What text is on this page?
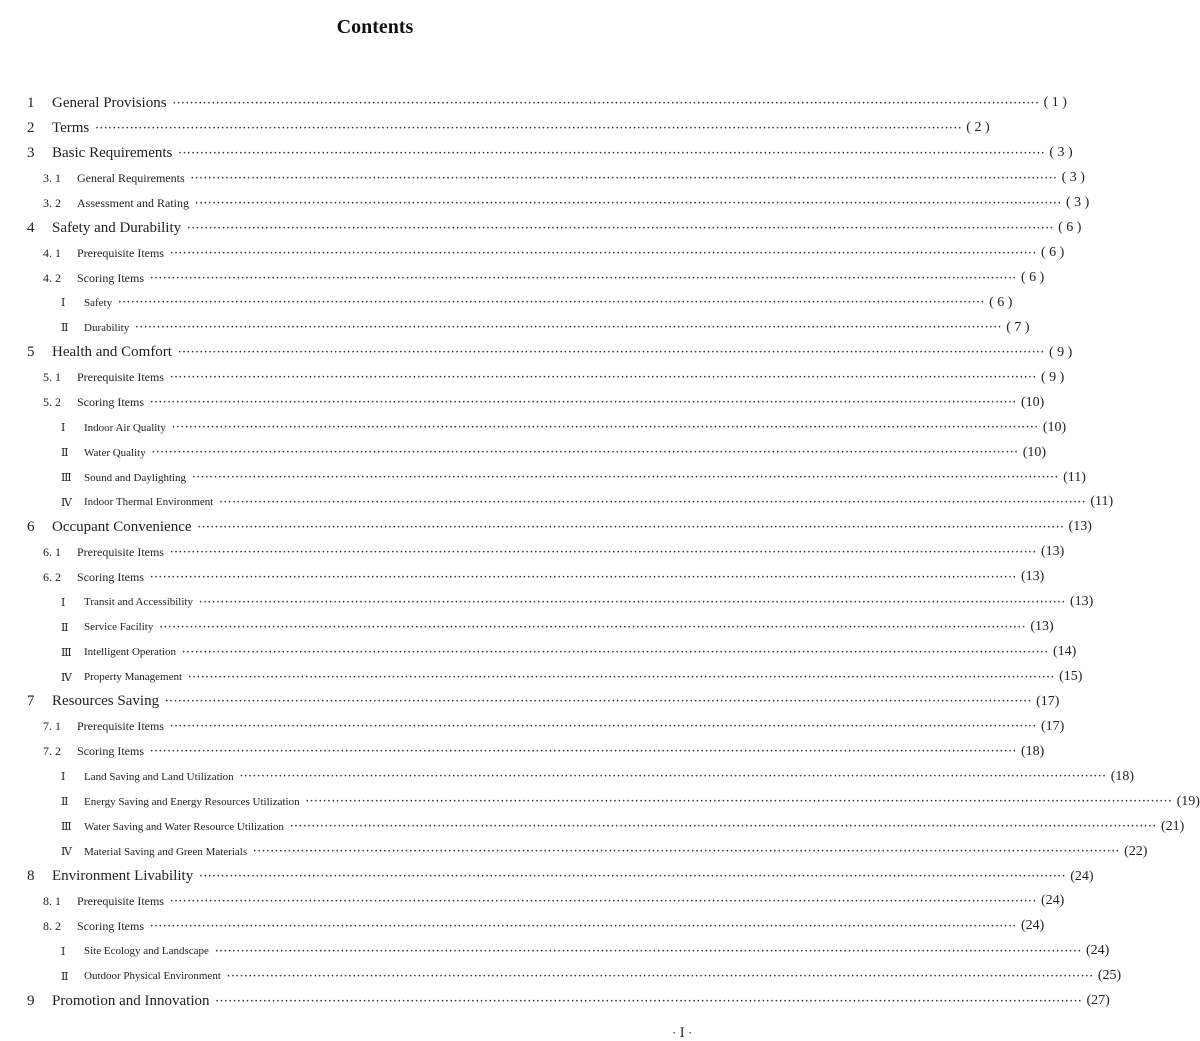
Contents
1 General Provisions ········································································································································································································ ( 1 )
2 Terms ········································································································································································································ ( 2 )
3 Basic Requirements ········································································································································································································ ( 3 )
3. 1 General Requirements ········································································································································································································ ( 3 )
3. 2 Assessment and Rating ········································································································································································································ ( 3 )
4 Safety and Durability ········································································································································································································ ( 6 )
4. 1 Prerequisite Items ········································································································································································································ ( 6 )
4. 2 Scoring Items ········································································································································································································ ( 6 )
Ⅰ Safety ········································································································································································································ ( 6 )
Ⅱ Durability ········································································································································································································ ( 7 )
5 Health and Comfort ········································································································································································································ ( 9 )
5. 1 Prerequisite Items ········································································································································································································ ( 9 )
5. 2 Scoring Items ········································································································································································································ (10)
Ⅰ Indoor Air Quality ········································································································································································································ (10)
Ⅱ Water Quality ········································································································································································································ (10)
Ⅲ Sound and Daylighting ········································································································································································································ (11)
Ⅳ Indoor Thermal Environment ········································································································································································································ (11)
6 Occupant Convenience ········································································································································································································ (13)
6. 1 Prerequisite Items ········································································································································································································ (13)
6. 2 Scoring Items ········································································································································································································ (13)
Ⅰ Transit and Accessibility ········································································································································································································ (13)
Ⅱ Service Facility ········································································································································································································ (13)
Ⅲ Intelligent Operation ········································································································································································································ (14)
Ⅳ Property Management ········································································································································································································ (15)
7 Resources Saving ········································································································································································································ (17)
7. 1 Prerequisite Items ········································································································································································································ (17)
7. 2 Scoring Items ········································································································································································································ (18)
Ⅰ Land Saving and Land Utilization ········································································································································································································ (18)
Ⅱ Energy Saving and Energy Resources Utilization ········································································································································································································ (19)
Ⅲ Water Saving and Water Resource Utilization ········································································································································································································ (21)
Ⅳ Material Saving and Green Materials ········································································································································································································ (22)
8 Environment Livability ········································································································································································································ (24)
8. 1 Prerequisite Items ········································································································································································································ (24)
8. 2 Scoring Items ········································································································································································································ (24)
Ⅰ Site Ecology and Landscape ········································································································································································································ (24)
Ⅱ Outdoor Physical Environment ········································································································································································································ (25)
9 Promotion and Innovation ········································································································································································································ (27)
· Ⅰ ·
